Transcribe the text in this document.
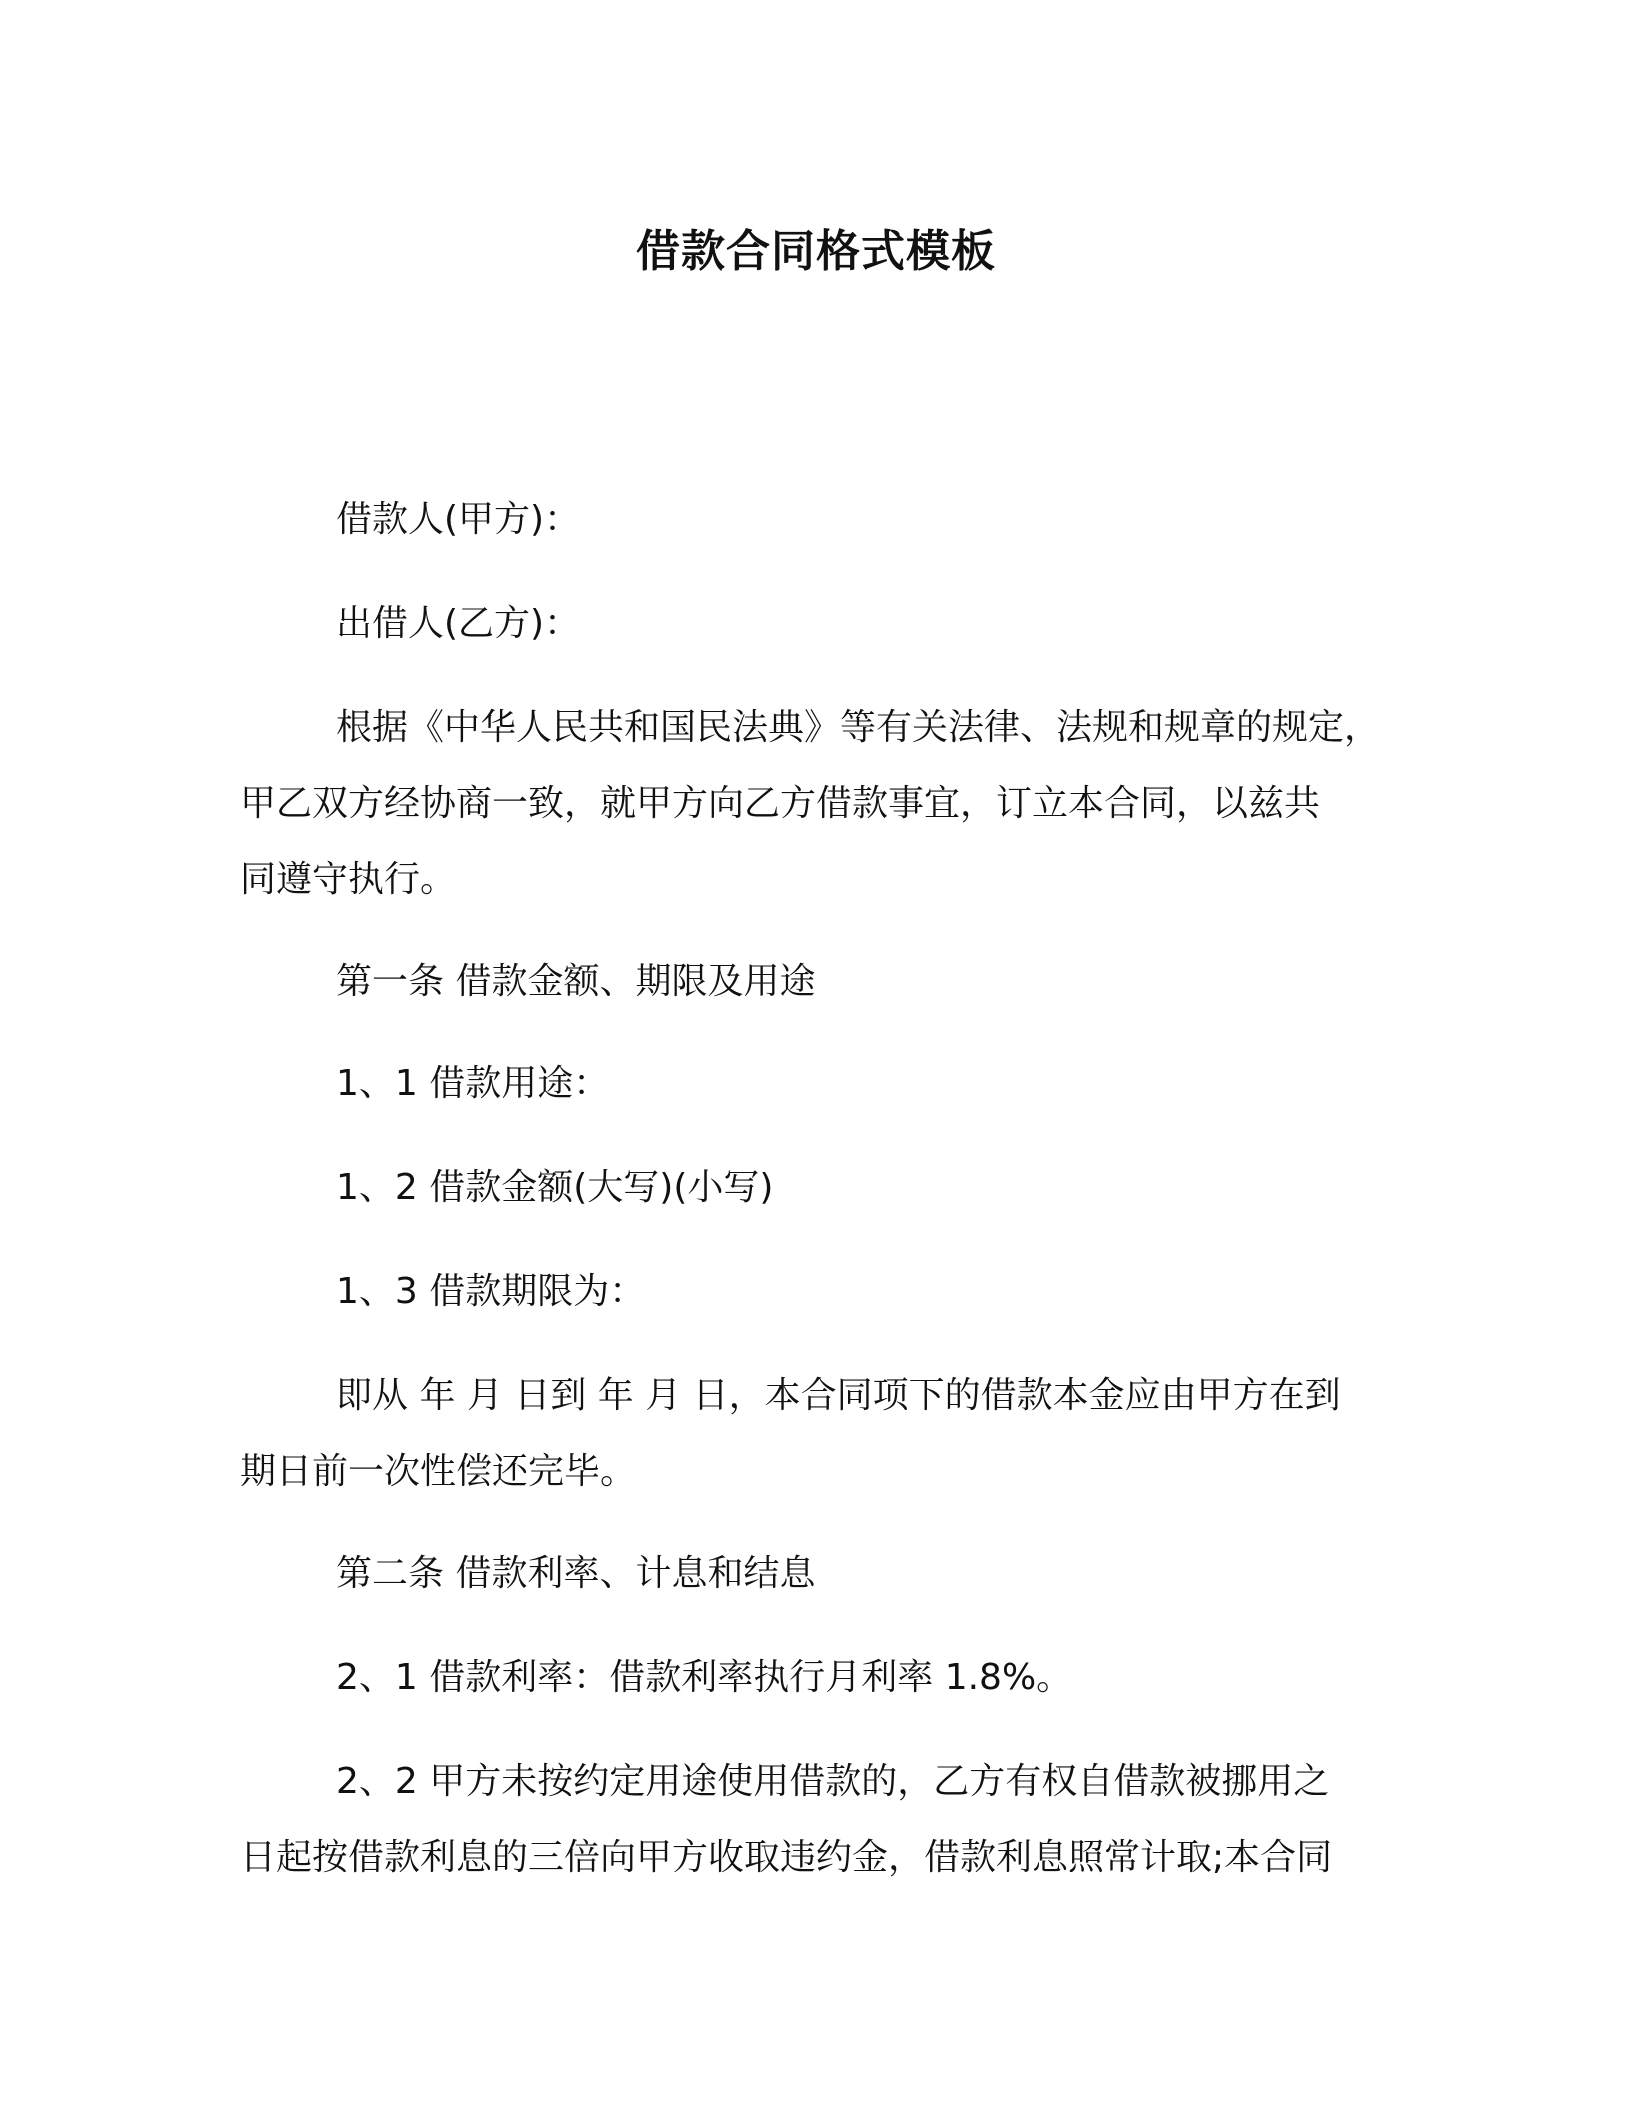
借款合同格式模板
借款人(甲方)：
出借人(乙方)：
根据《中华人民共和国民法典》等有关法律、法规和规章的规定，
甲乙双方经协商一致，就甲方向乙方借款事宜，订立本合同，以兹共
同遵守执行。
第一条 借款金额、期限及用途
1、1 借款用途：
1、2 借款金额(大写)(小写)
1、3 借款期限为：
即从 年 月 日到 年 月 日，本合同项下的借款本金应由甲方在到
期日前一次性偿还完毕。
第二条 借款利率、计息和结息
2、1 借款利率：借款利率执行月利率 1.8%。
2、2 甲方未按约定用途使用借款的，乙方有权自借款被挪用之
日起按借款利息的三倍向甲方收取违约金，借款利息照常计取;本合同
